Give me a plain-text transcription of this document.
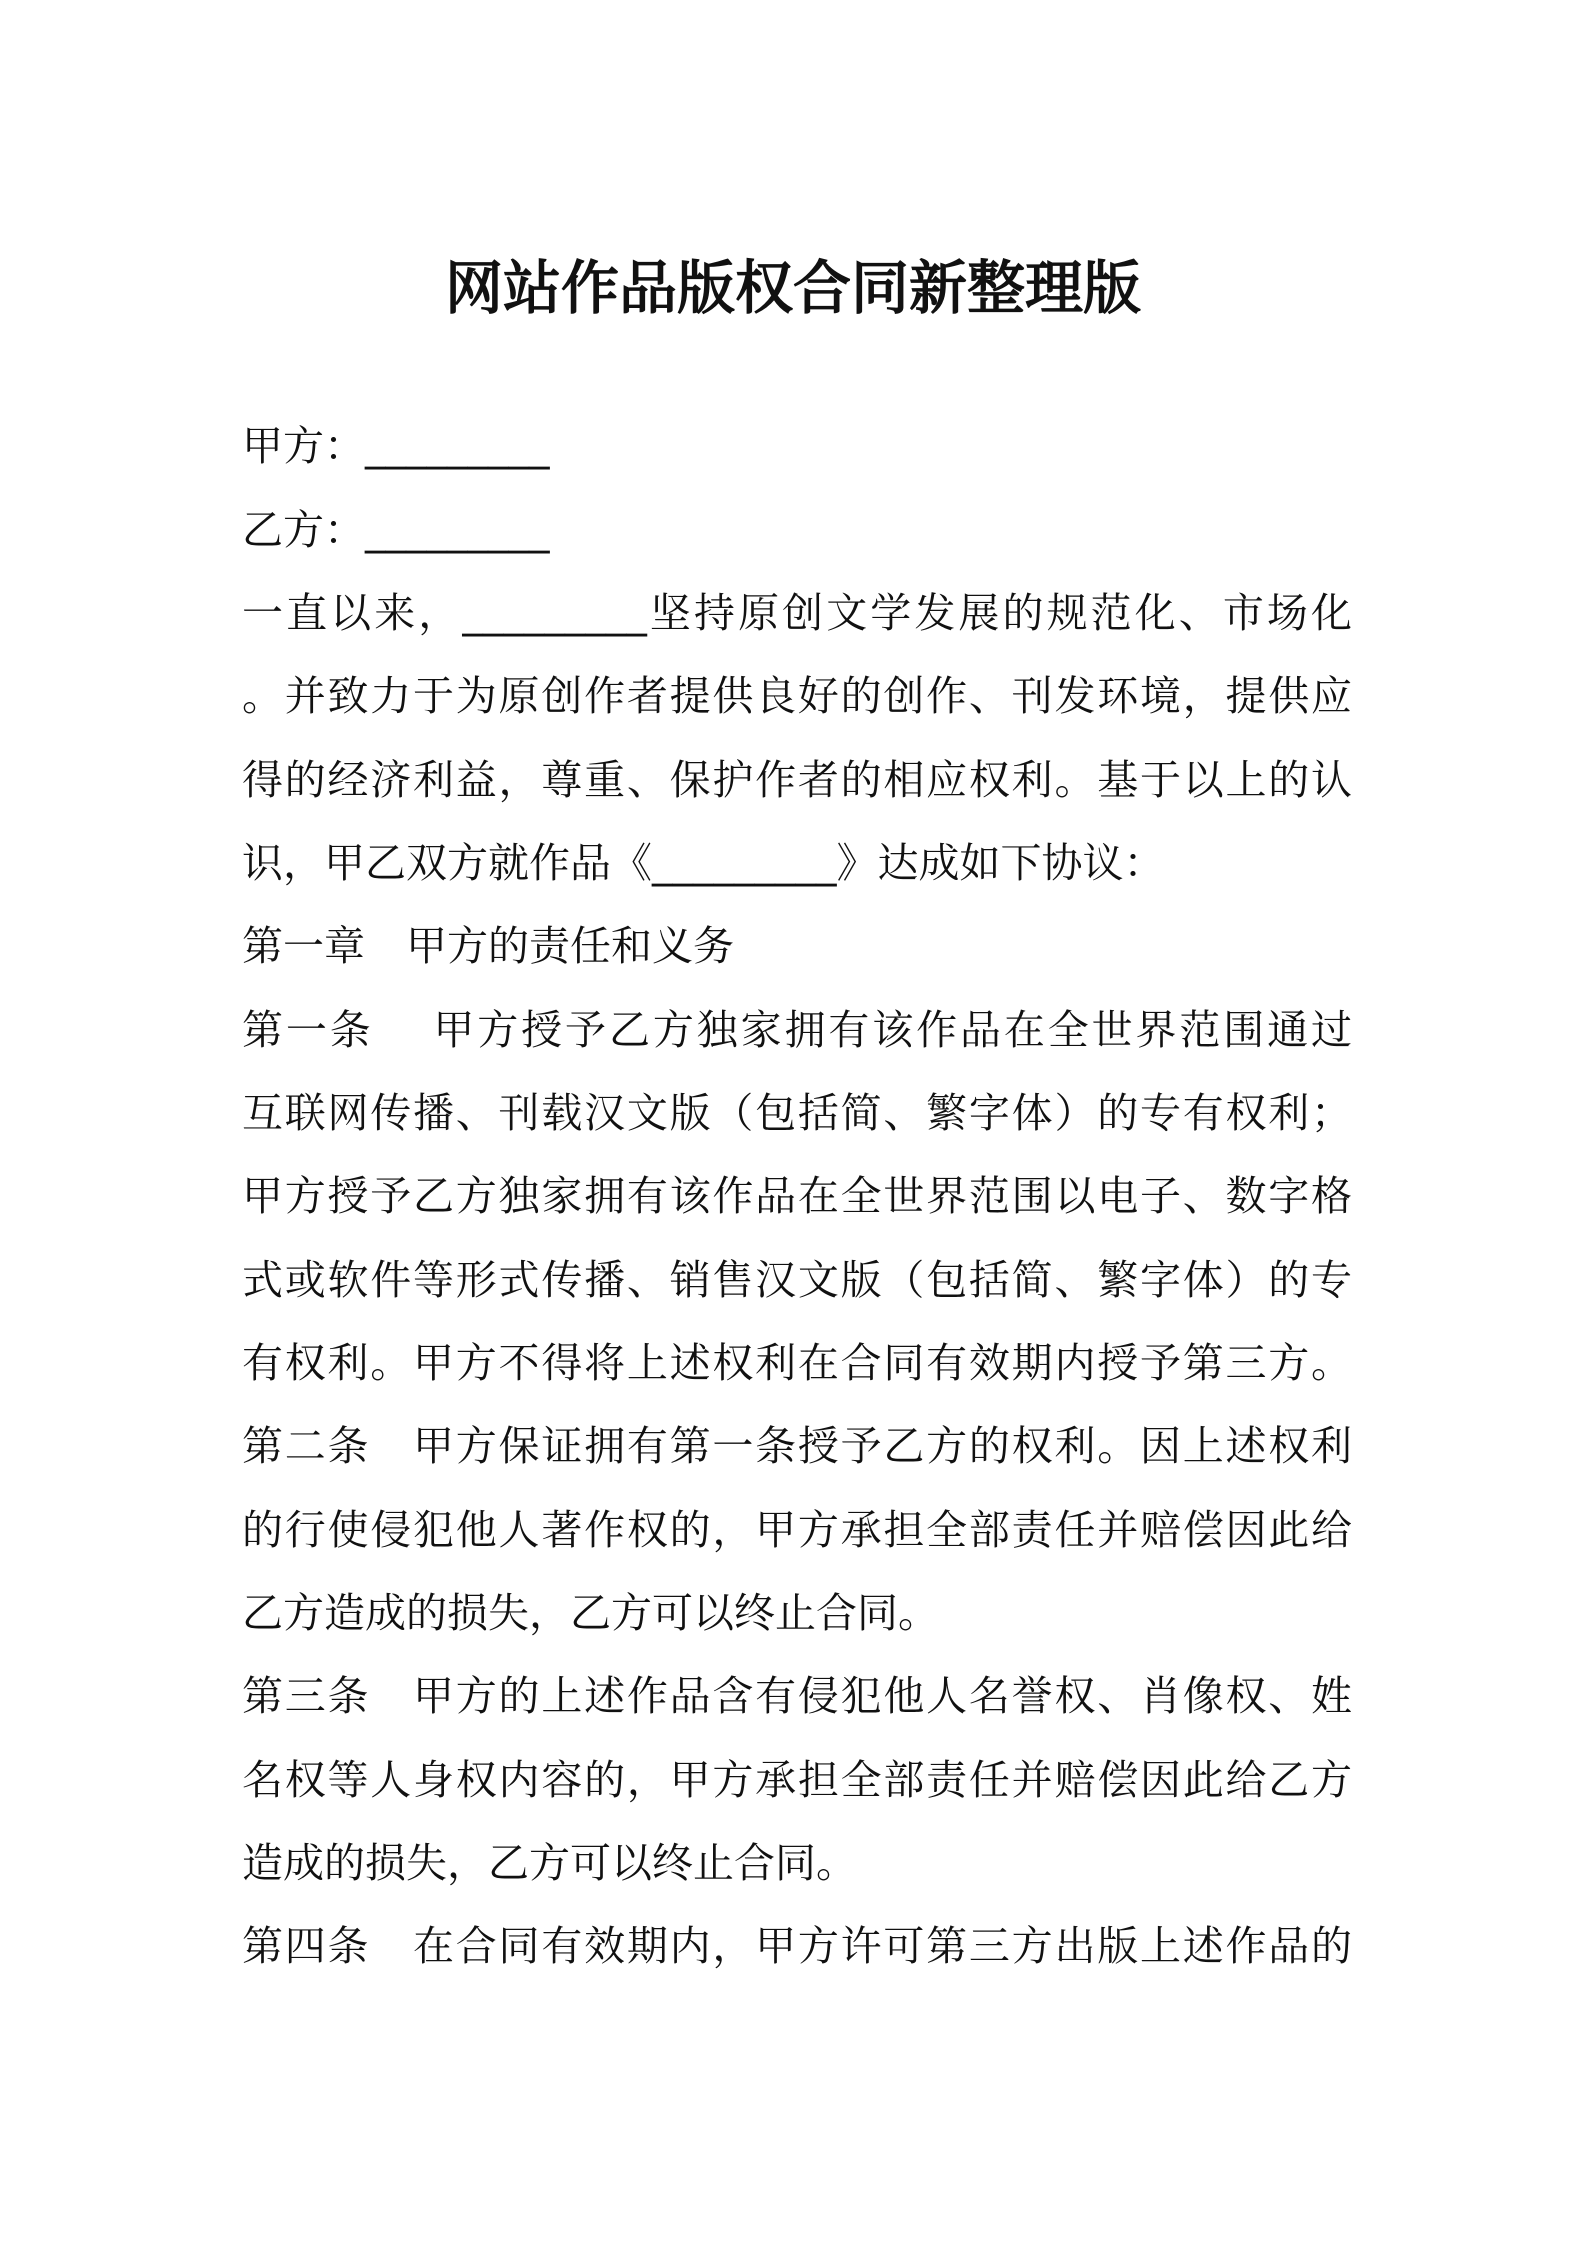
网站作品版权合同新整理版
甲方：_________
乙方：_________
一直以来，_________坚持原创文学发展的规范化、市场化
。并致力于为原创作者提供良好的创作、刊发环境，提供应
得的经济利益，尊重、保护作者的相应权利。基于以上的认
识，甲乙双方就作品《_________》达成如下协议：
第一章　甲方的责任和义务
第一条　 甲方授予乙方独家拥有该作品在全世界范围通过
互联网传播、刊载汉文版（包括简、繁字体）的专有权利；
甲方授予乙方独家拥有该作品在全世界范围以电子、数字格
式或软件等形式传播、销售汉文版（包括简、繁字体）的专
有权利。甲方不得将上述权利在合同有效期内授予第三方。
第二条　甲方保证拥有第一条授予乙方的权利。因上述权利
的行使侵犯他人著作权的，甲方承担全部责任并赔偿因此给
乙方造成的损失，乙方可以终止合同。
第三条　甲方的上述作品含有侵犯他人名誉权、肖像权、姓
名权等人身权内容的，甲方承担全部责任并赔偿因此给乙方
造成的损失，乙方可以终止合同。
第四条　在合同有效期内，甲方许可第三方出版上述作品的
